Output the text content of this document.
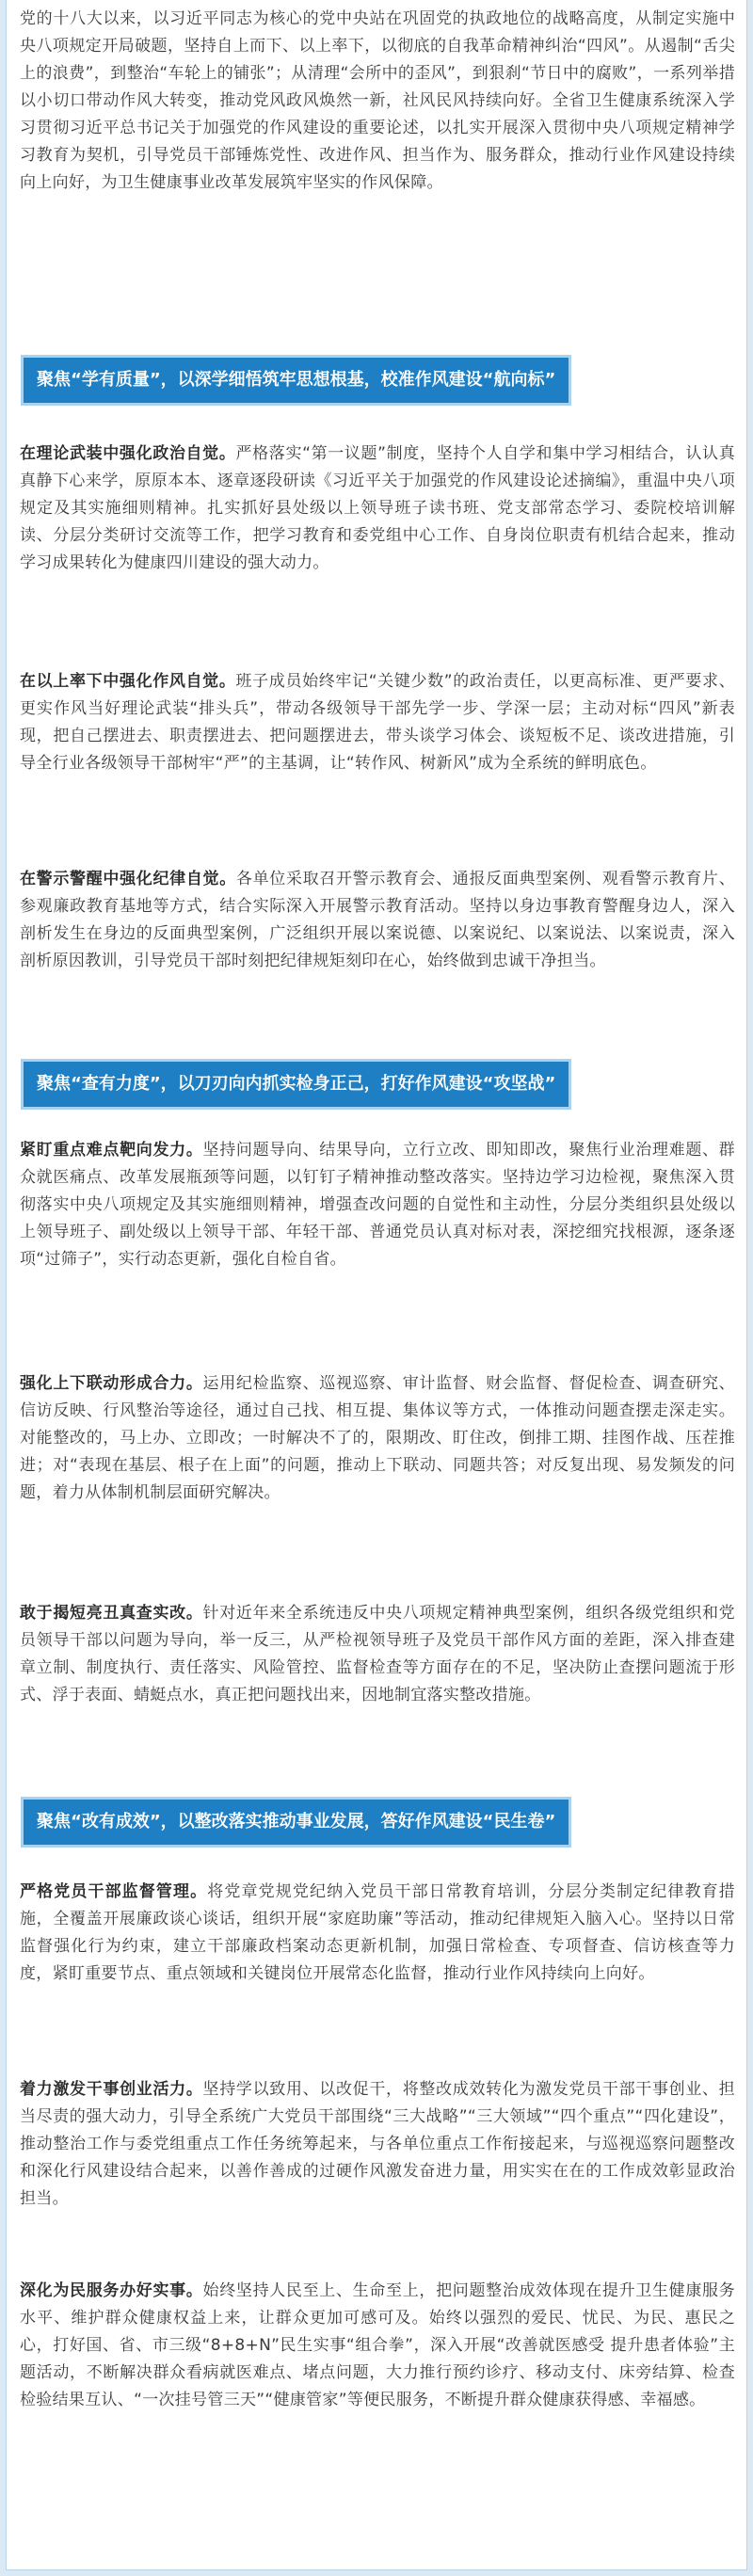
党的十八大以来，以习近平同志为核心的党中央站在巩固党的执政地位的战略高度，从制定实施中央八项规定开局破题，坚持自上而下、以上率下，以彻底的自我革命精神纠治“四风”。从遏制“舌尖上的浪费”，到整治“车轮上的铺张”；从清理“会所中的歪风”，到狠刹“节日中的腐败”，一系列举措以小切口带动作风大转变，推动党风政风焕然一新，社风民风持续向好。全省卫生健康系统深入学习贯彻习近平总书记关于加强党的作风建设的重要论述，以扎实开展深入贯彻中央八项规定精神学习教育为契机，引导党员干部锤炼党性、改进作风、担当作为、服务群众，推动行业作风建设持续向上向好，为卫生健康事业改革发展筑牢坚实的作风保障。

聚焦“学有质量”，以深学细悟筑牢思想根基，校准作风建设“航向标”

在理论武装中强化政治自觉。严格落实“第一议题”制度，坚持个人自学和集中学习相结合，认认真真静下心来学，原原本本、逐章逐段研读《习近平关于加强党的作风建设论述摘编》，重温中央八项规定及其实施细则精神。扎实抓好县处级以上领导班子读书班、党支部常态学习、委院校培训解读、分层分类研讨交流等工作，把学习教育和委党组中心工作、自身岗位职责有机结合起来，推动学习成果转化为健康四川建设的强大动力。

在以上率下中强化作风自觉。班子成员始终牢记“关键少数”的政治责任，以更高标准、更严要求、更实作风当好理论武装“排头兵”，带动各级领导干部先学一步、学深一层；主动对标“四风”新表现，把自己摆进去、职责摆进去、把问题摆进去，带头谈学习体会、谈短板不足、谈改进措施，引导全行业各级领导干部树牢“严”的主基调，让“转作风、树新风”成为全系统的鲜明底色。

在警示警醒中强化纪律自觉。各单位采取召开警示教育会、通报反面典型案例、观看警示教育片、参观廉政教育基地等方式，结合实际深入开展警示教育活动。坚持以身边事教育警醒身边人，深入剖析发生在身边的反面典型案例，广泛组织开展以案说德、以案说纪、以案说法、以案说责，深入剖析原因教训，引导党员干部时刻把纪律规矩刻印在心，始终做到忠诚干净担当。

聚焦“查有力度”，以刀刃向内抓实检身正己，打好作风建设“攻坚战”

紧盯重点难点靶向发力。坚持问题导向、结果导向，立行立改、即知即改，聚焦行业治理难题、群众就医痛点、改革发展瓶颈等问题，以钉钉子精神推动整改落实。坚持边学习边检视，聚焦深入贯彻落实中央八项规定及其实施细则精神，增强查改问题的自觉性和主动性，分层分类组织县处级以上领导班子、副处级以上领导干部、年轻干部、普通党员认真对标对表，深挖细究找根源，逐条逐项“过筛子”，实行动态更新，强化自检自省。

强化上下联动形成合力。运用纪检监察、巡视巡察、审计监督、财会监督、督促检查、调查研究、信访反映、行风整治等途径，通过自己找、相互提、集体议等方式，一体推动问题查摆走深走实。对能整改的，马上办、立即改；一时解决不了的，限期改、盯住改，倒排工期、挂图作战、压茬推进；对“表现在基层、根子在上面”的问题，推动上下联动、同题共答；对反复出现、易发频发的问题，着力从体制机制层面研究解决。

敢于揭短亮丑真查实改。针对近年来全系统违反中央八项规定精神典型案例，组织各级党组织和党员领导干部以问题为导向，举一反三，从严检视领导班子及党员干部作风方面的差距，深入排查建章立制、制度执行、责任落实、风险管控、监督检查等方面存在的不足，坚决防止查摆问题流于形式、浮于表面、蜻蜓点水，真正把问题找出来，因地制宜落实整改措施。

聚焦“改有成效”，以整改落实推动事业发展，答好作风建设“民生卷”

严格党员干部监督管理。将党章党规党纪纳入党员干部日常教育培训，分层分类制定纪律教育措施，全覆盖开展廉政谈心谈话，组织开展“家庭助廉”等活动，推动纪律规矩入脑入心。坚持以日常监督强化行为约束，建立干部廉政档案动态更新机制，加强日常检查、专项督查、信访核查等力度，紧盯重要节点、重点领域和关键岗位开展常态化监督，推动行业作风持续向上向好。

着力激发干事创业活力。坚持学以致用、以改促干，将整改成效转化为激发党员干部干事创业、担当尽责的强大动力，引导全系统广大党员干部围绕“三大战略”“三大领域”“四个重点”“四化建设”，推动整治工作与委党组重点工作任务统筹起来，与各单位重点工作衔接起来，与巡视巡察问题整改和深化行风建设结合起来，以善作善成的过硬作风激发奋进力量，用实实在在的工作成效彰显政治担当。

深化为民服务办好实事。始终坚持人民至上、生命至上，把问题整治成效体现在提升卫生健康服务水平、维护群众健康权益上来，让群众更加可感可及。始终以强烈的爱民、忧民、为民、惠民之心，打好国、省、市三级“8+8+N”民生实事“组合拳”，深入开展“改善就医感受 提升患者体验”主题活动，不断解决群众看病就医难点、堵点问题，大力推行预约诊疗、移动支付、床旁结算、检查检验结果互认、“一次挂号管三天”“健康管家”等便民服务，不断提升群众健康获得感、幸福感。
